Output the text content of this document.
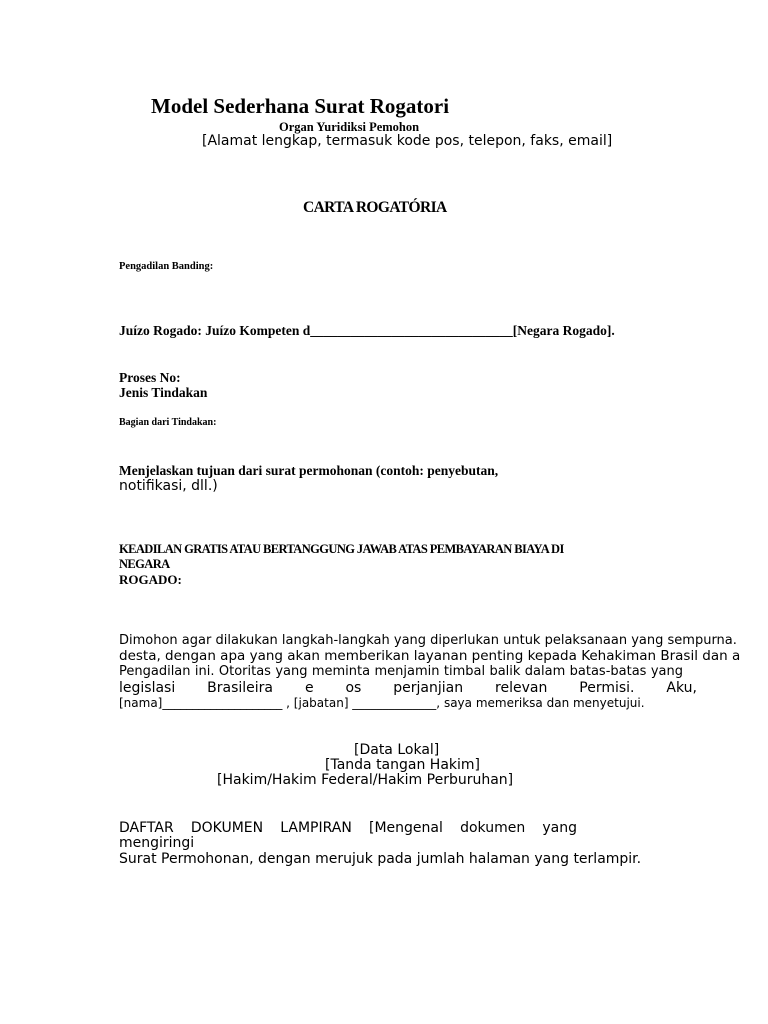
Model Sederhana Surat Rogatori
Organ Yuridiksi Pemohon
[Alamat lengkap, termasuk kode pos, telepon, faks, email]
CARTA ROGATÓRIA
Pengadilan Banding:
Juízo Rogado: Juízo Kompeten d______________________________[Negara Rogado].
Proses No:
Jenis Tindakan
Bagian dari Tindakan:
Menjelaskan tujuan dari surat permohonan (contoh: penyebutan,
notifikasi, dll.)
KEADILAN GRATIS ATAU BERTANGGUNG JAWAB ATAS PEMBAYARAN BIAYA DI
NEGARA
ROGADO:
Dimohon agar dilakukan langkah-langkah yang diperlukan untuk pelaksanaan yang sempurna.
desta, dengan apa yang akan memberikan layanan penting kepada Kehakiman Brasil dan a
Pengadilan ini. Otoritas yang meminta menjamin timbal balik dalam batas-batas yang
legislasi Brasileira e os perjanjian relevan Permisi. Aku,
[nama]____________________ , [jabatan] ______________, saya memeriksa dan menyetujui.
[Data Lokal]
[Tanda tangan Hakim]
[Hakim/Hakim Federal/Hakim Perburuhan]
DAFTAR DOKUMEN LAMPIRAN [Mengenal dokumen yang
mengiringi
Surat Permohonan, dengan merujuk pada jumlah halaman yang terlampir.
